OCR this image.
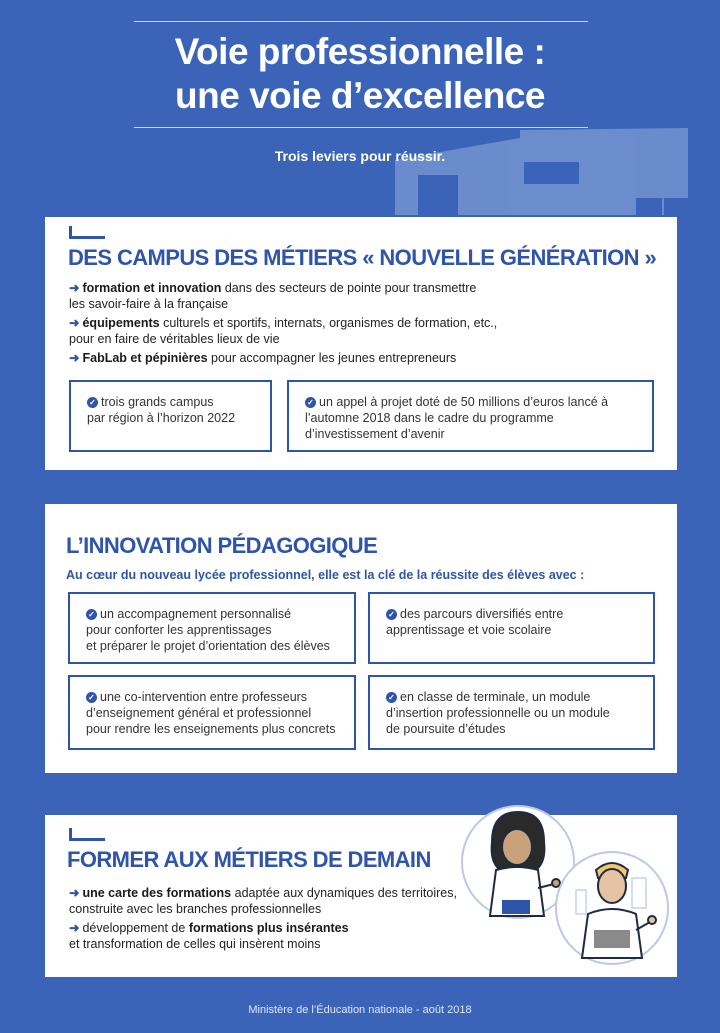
Voie professionnelle :
une voie d’excellence
Trois leviers pour réussir.
DES CAMPUS DES MÉTIERS « NOUVELLE GÉNÉRATION »
➜ formation et innovation dans des secteurs de pointe pour transmettre
les savoir-faire à la française
➜ équipements culturels et sportifs, internats, organismes de formation, etc.,
pour en faire de véritables lieux de vie
➜ FabLab et pépinières pour accompagner les jeunes entrepreneurs
✓ trois grands campus
par région à l’horizon 2022
✓ un appel à projet doté de 50 millions d’euros lancé à
l’automne 2018 dans le cadre du programme
d’investissement d’avenir
L’INNOVATION PÉDAGOGIQUE
Au cœur du nouveau lycée professionnel, elle est la clé de la réussite des élèves avec :
✓ un accompagnement personnalisé
pour conforter les apprentissages
et préparer le projet d’orientation des élèves
✓ des parcours diversifiés entre
apprentissage et voie scolaire
✓ une co-intervention entre professeurs
d’enseignement général et professionnel
pour rendre les enseignements plus concrets
✓ en classe de terminale, un module
d’insertion professionnelle ou un module
de poursuite d’études
FORMER AUX MÉTIERS DE DEMAIN
➜ une carte des formations adaptée aux dynamiques des territoires,
construite avec les branches professionnelles
➜ développement de formations plus insérantes
et transformation de celles qui insèrent moins
Ministère de l’Éducation nationale - août 2018
